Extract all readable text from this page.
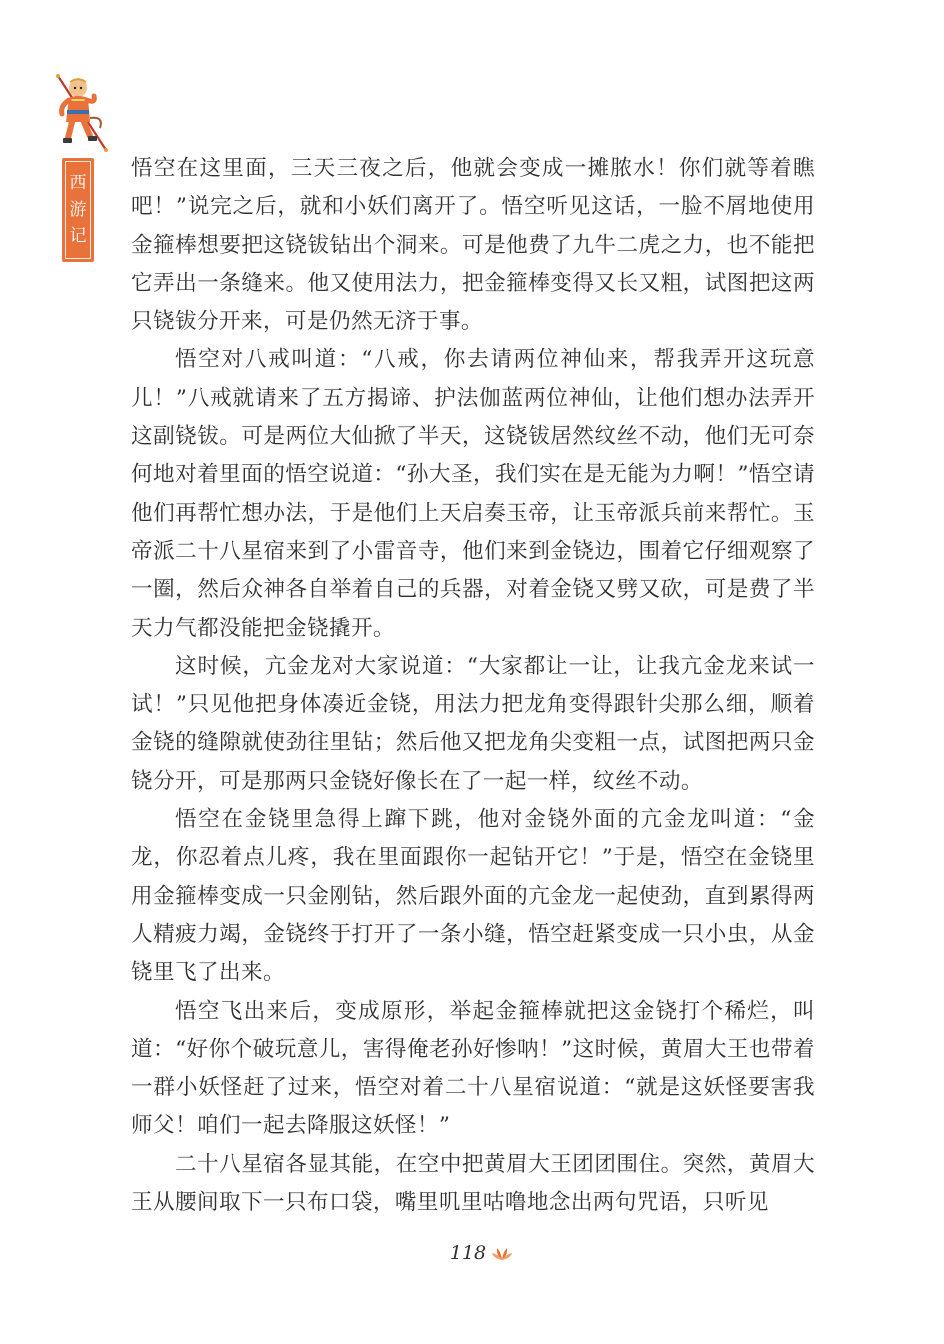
西
游
记

悟空在这里面，三天三夜之后，他就会变成一摊脓水！你们就等着瞧吧！”说完之后，就和小妖们离开了。悟空听见这话，一脸不屑地使用金箍棒想要把这铙钹钻出个洞来。可是他费了九牛二虎之力，也不能把它弄出一条缝来。他又使用法力，把金箍棒变得又长又粗，试图把这两只铙钹分开来，可是仍然无济于事。

悟空对八戒叫道：“八戒，你去请两位神仙来，帮我弄开这玩意儿！”八戒就请来了五方揭谛、护法伽蓝两位神仙，让他们想办法弄开这副铙钹。可是两位大仙掀了半天，这铙钹居然纹丝不动，他们无可奈何地对着里面的悟空说道：“孙大圣，我们实在是无能为力啊！”悟空请他们再帮忙想办法，于是他们上天启奏玉帝，让玉帝派兵前来帮忙。玉帝派二十八星宿来到了小雷音寺，他们来到金铙边，围着它仔细观察了一圈，然后众神各自举着自己的兵器，对着金铙又劈又砍，可是费了半天力气都没能把金铙撬开。

这时候，亢金龙对大家说道：“大家都让一让，让我亢金龙来试一试！”只见他把身体凑近金铙，用法力把龙角变得跟针尖那么细，顺着金铙的缝隙就使劲往里钻；然后他又把龙角尖变粗一点，试图把两只金铙分开，可是那两只金铙好像长在了一起一样，纹丝不动。

悟空在金铙里急得上蹿下跳，他对金铙外面的亢金龙叫道：“金龙，你忍着点儿疼，我在里面跟你一起钻开它！”于是，悟空在金铙里用金箍棒变成一只金刚钻，然后跟外面的亢金龙一起使劲，直到累得两人精疲力竭，金铙终于打开了一条小缝，悟空赶紧变成一只小虫，从金铙里飞了出来。

悟空飞出来后，变成原形，举起金箍棒就把这金铙打个稀烂，叫道：“好你个破玩意儿，害得俺老孙好惨呐！”这时候，黄眉大王也带着一群小妖怪赶了过来，悟空对着二十八星宿说道：“就是这妖怪要害我师父！咱们一起去降服这妖怪！”

二十八星宿各显其能，在空中把黄眉大王团团围住。突然，黄眉大王从腰间取下一只布口袋，嘴里叽里咕噜地念出两句咒语，只听见

118
